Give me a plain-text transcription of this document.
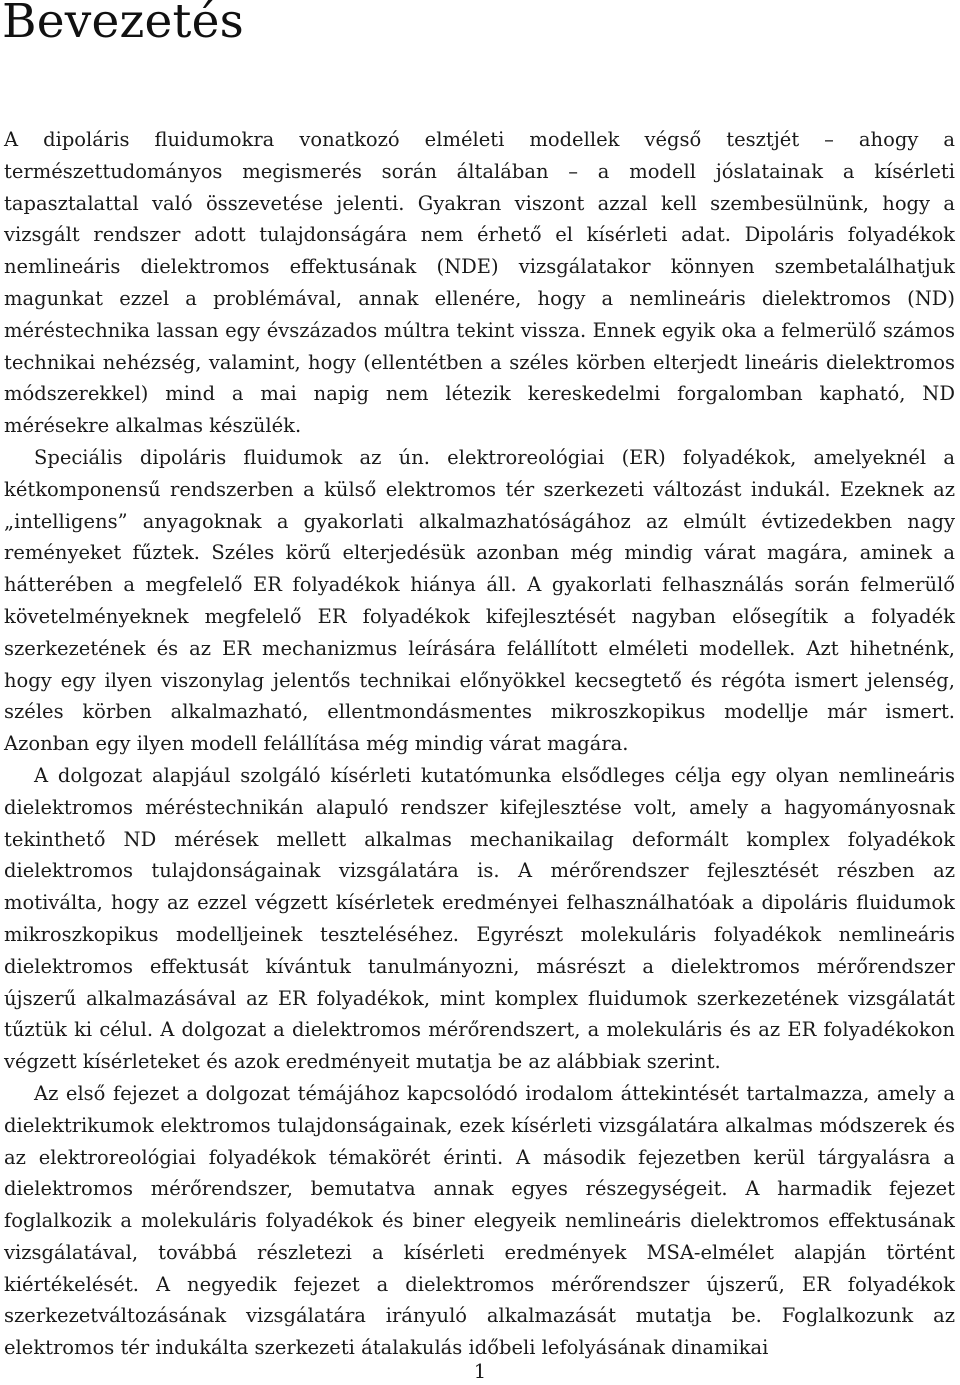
Bevezetés

A dipoláris fluidumokra vonatkozó elméleti modellek végső tesztjét – ahogy a természettudományos megismerés során általában – a modell jóslatainak a kísérleti tapasztalattal való összevetése jelenti. Gyakran viszont azzal kell szembesülnünk, hogy a vizsgált rendszer adott tulajdonságára nem érhető el kísérleti adat. Dipoláris folyadékok nemlineáris dielektromos effektusának (NDE) vizsgálatakor könnyen szembetalálhatjuk magunkat ezzel a problémával, annak ellenére, hogy a nemlineáris dielektromos (ND) méréstechnika lassan egy évszázados múltra tekint vissza. Ennek egyik oka a felmerülő számos technikai nehézség, valamint, hogy (ellentétben a széles körben elterjedt lineáris dielektromos módszerekkel) mind a mai napig nem létezik kereskedelmi forgalomban kapható, ND mérésekre alkalmas készülék.

Speciális dipoláris fluidumok az ún. elektroreológiai (ER) folyadékok, amelyeknél a kétkomponensű rendszerben a külső elektromos tér szerkezeti változást indukál. Ezeknek az „intelligens” anyagoknak a gyakorlati alkalmazhatóságához az elmúlt évtizedekben nagy reményeket fűztek. Széles körű elterjedésük azonban még mindig várat magára, aminek a hátterében a megfelelő ER folyadékok hiánya áll. A gyakorlati felhasználás során felmerülő követelményeknek megfelelő ER folyadékok kifejlesztését nagyban elősegítik a folyadék szerkezetének és az ER mechanizmus leírására felállított elméleti modellek. Azt hihetnénk, hogy egy ilyen viszonylag jelentős technikai előnyökkel kecsegtető és régóta ismert jelenség, széles körben alkalmazható, ellentmondásmentes mikroszkopikus modellje már ismert. Azonban egy ilyen modell felállítása még mindig várat magára.

A dolgozat alapjául szolgáló kísérleti kutatómunka elsődleges célja egy olyan nemlineáris dielektromos méréstechnikán alapuló rendszer kifejlesztése volt, amely a hagyományosnak tekinthető ND mérések mellett alkalmas mechanikailag deformált komplex folyadékok dielektromos tulajdonságainak vizsgálatára is. A mérőrendszer fejlesztését részben az motiválta, hogy az ezzel végzett kísérletek eredményei felhasználhatóak a dipoláris fluidumok mikroszkopikus modelljeinek teszteléséhez. Egyrészt molekuláris folyadékok nemlineáris dielektromos effektusát kívántuk tanulmányozni, másrészt a dielektromos mérőrendszer újszerű alkalmazásával az ER folyadékok, mint komplex fluidumok szerkezetének vizsgálatát tűztük ki célul. A dolgozat a dielektromos mérőrendszert, a molekuláris és az ER folyadékokon végzett kísérleteket és azok eredményeit mutatja be az alábbiak szerint.

Az első fejezet a dolgozat témájához kapcsolódó irodalom áttekintését tartalmazza, amely a dielektrikumok elektromos tulajdonságainak, ezek kísérleti vizsgálatára alkalmas módszerek és az elektroreológiai folyadékok témakörét érinti. A második fejezetben kerül tárgyalásra a dielektromos mérőrendszer, bemutatva annak egyes részegységeit. A harmadik fejezet foglalkozik a molekuláris folyadékok és biner elegyeik nemlineáris dielektromos effektusának vizsgálatával, továbbá részletezi a kísérleti eredmények MSA-elmélet alapján történt kiértékelését. A negyedik fejezet a dielektromos mérőrendszer újszerű, ER folyadékok szerkezetváltozásának vizsgálatára irányuló alkalmazását mutatja be. Foglalkozunk az elektromos tér indukálta szerkezeti átalakulás időbeli lefolyásának dinamikai

1
